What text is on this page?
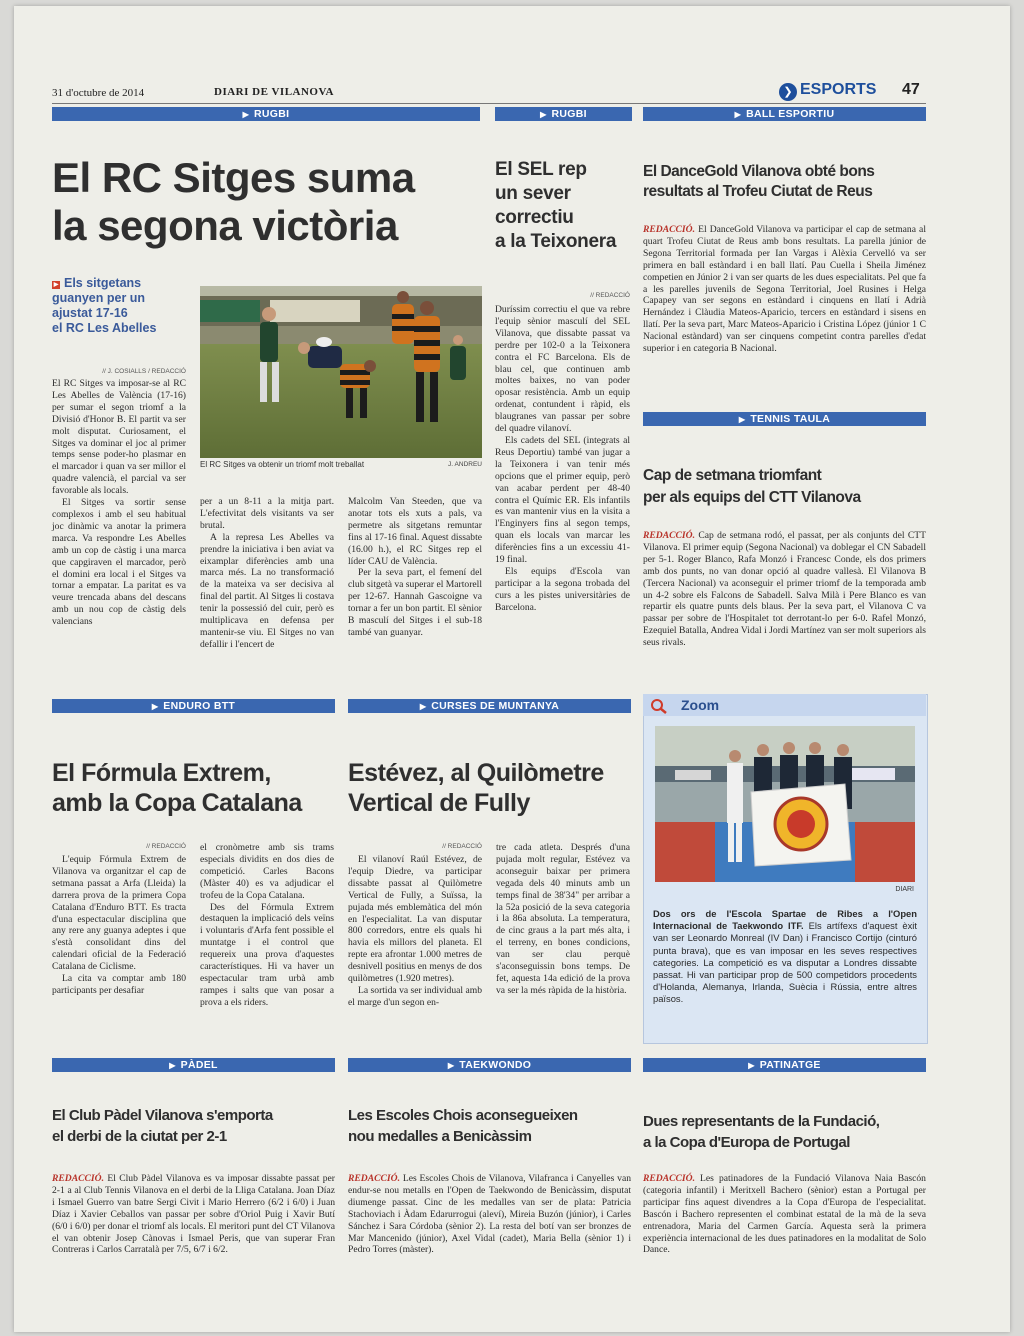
31 d'octubre de 2014	DIARI DE VILANOVA	❯ ESPORTS 47
▶ RUGBI	▶ RUGBI	▶ BALL ESPORTIU
El RC Sitges suma
la segona victòria
▶ Els sitgetans
guanyen per un
ajustat 17-16
el RC Les Abelles
El RC Sitges va obtenir un triomf molt treballat	J. ANDREU
// J. COSIALLS / REDACCIÓ

El RC Sitges va imposar-se al RC Les Abelles de València (17-16) per sumar el segon triomf a la Divisió d'Honor B. El partit va ser molt disputat. Curiosament, el Sitges va dominar el joc al primer temps sense poder-ho plasmar en el marcador i quan va ser millor el quadre valencià, el parcial va ser favorable als locals.

El Sitges va sortir sense complexos i amb el seu habitual joc dinàmic va anotar la primera marca. Va respondre Les Abelles amb un cop de càstig i una marca que capgiraven el marcador, però el domini era local i el Sitges va tornar a empatar. La paritat es va veure trencada abans del descans amb un nou cop de càstig dels valencians

per a un 8-11 a la mitja part. L'efectivitat dels visitants va ser brutal.

A la represa Les Abelles va prendre la iniciativa i ben aviat va eixamplar diferències amb una marca més. La no transformació de la mateixa va ser decisiva al final del partit. Al Sitges li costava tenir la possessió del cuir, però es multiplicava en defensa per mantenir-se viu. El Sitges no van defallir i l'encert de

Malcolm Van Steeden, que va anotar tots els xuts a pals, va permetre als sitgetans remuntar fins al 17-16 final. Aquest dissabte (16.00 h.), el RC Sitges rep el líder CAU de València.

Per la seva part, el femení del club sitgetà va superar el Martorell per 12-67. Hannah Gascoigne va tornar a fer un bon partit. El sènior B masculí del Sitges i el sub-18 també van guanyar.

El SEL rep
un sever
correctiu
a la Teixonera
// REDACCIÓ

Duríssim correctiu el que va rebre l'equip sènior masculí del SEL Vilanova, que dissabte passat va perdre per 102-0 a la Teixonera contra el FC Barcelona. Els de blau cel, que continuen amb moltes baixes, no van poder oposar resistència. Amb un equip ordenat, contundent i ràpid, els blaugranes van passar per sobre del quadre vilanoví.

Els cadets del SEL (integrats al Reus Deportiu) també van jugar a la Teixonera i van tenir més opcions que el primer equip, però van acabar perdent per 48-40 contra el Químic ER. Els infantils es van mantenir vius en la visita a l'Enginyers fins al segon temps, quan els locals van marcar les diferències fins a un excessiu 41-19 final.

Els equips d'Escola van participar a la segona trobada del curs a les pistes universitàries de Barcelona.

El DanceGold Vilanova obté bons
resultats al Trofeu Ciutat de Reus

REDACCIÓ. El DanceGold Vilanova va participar el cap de setmana al quart Trofeu Ciutat de Reus amb bons resultats. La parella júnior de Segona Territorial formada per Ian Vargas i Alèxia Cervelló va ser primera en ball estàndard i en ball llatí. Pau Cuella i Sheila Jiménez competien en Júnior 2 i van ser quarts de les dues especialitats. Pel que fa a les parelles juvenils de Segona Territorial, Joel Rusines i Helga Capapey van ser segons en estàndard i cinquens en llatí i Adrià Hernández i Clàudia Mateos-Aparicio, tercers en estàndard i sisens en llatí. Per la seva part, Marc Mateos-Aparicio i Cristina López (júnior 1 C Nacional estàndard) van ser cinquens competint contra parelles d'edat superior i en categoria B Nacional.

▶ TENNIS TAULA
Cap de setmana triomfant
per als equips del CTT Vilanova

REDACCIÓ. Cap de setmana rodó, el passat, per als conjunts del CTT Vilanova. El primer equip (Segona Nacional) va doblegar el CN Sabadell per 5-1. Roger Blanco, Rafa Monzó i Francesc Conde, els dos primers amb dos punts, no van donar opció al quadre vallesà. El Vilanova B (Tercera Nacional) va aconseguir el primer triomf de la temporada amb un 4-2 sobre els Falcons de Sabadell. Salva Milà i Pere Blanco es van repartir els quatre punts dels blaus. Per la seva part, el Vilanova C va passar per sobre de l'Hospitalet tot derrotant-lo per 6-0. Rafel Monzó, Ezequiel Batalla, Andrea Vidal i Jordi Martínez van ser molt superiors als seus rivals.

▶ ENDURO BTT	▶ CURSES DE MUNTANYA
El Fórmula Extrem,
amb la Copa Catalana
// REDACCIÓ

L'equip Fórmula Extrem de Vilanova va organitzar el cap de setmana passat a Arfa (Lleida) la darrera prova de la primera Copa Catalana d'Enduro BTT. Es tracta d'una espectacular disciplina que any rere any guanya adeptes i que s'està consolidant dins del calendari oficial de la Federació Catalana de Ciclisme.

La cita va comptar amb 180 participants per desafiar

el cronòmetre amb sis trams especials dividits en dos dies de competició. Carles Bacons (Màster 40) es va adjudicar el trofeu de la Copa Catalana.

Des del Fórmula Extrem destaquen la implicació dels veïns i voluntaris d'Arfa fent possible el muntatge i el control que requereix una prova d'aquestes característiques. Hi va haver un espectacular tram urbà amb rampes i salts que van posar a prova a els riders.

Estévez, al Quilòmetre
Vertical de Fully
// REDACCIÓ

El vilanoví Raúl Estévez, de l'equip Diedre, va participar dissabte passat al Quilòmetre Vertical de Fully, a Suïssa, la pujada més emblemàtica del món en l'especialitat. La van disputar 800 corredors, entre els quals hi havia els millors del planeta. El repte era afrontar 1.000 metres de desnivell positius en menys de dos quilòmetres (1.920 metres).

La sortida va ser individual amb el marge d'un segon en-

tre cada atleta. Després d'una pujada molt regular, Estévez va aconseguir baixar per primera vegada dels 40 minuts amb un temps final de 38'34" per arribar a la 52a posició de la seva categoria i la 86a absoluta. La temperatura, de cinc graus a la part més alta, i el terreny, en bones condicions, van ser clau perquè s'aconseguissin bons temps. De fet, aquesta 14a edició de la prova va ser la més ràpida de la història.

Zoom
DIARI

Dos ors de l'Escola Spartae de Ribes a l'Open Internacional de Taekwondo ITF. Els artífexs d'aquest èxit van ser Leonardo Monreal (IV Dan) i Francisco Cortijo (cinturó punta brava), que es van imposar en les seves respectives categories. La competició es va disputar a Londres dissabte passat. Hi van participar prop de 500 competidors procedents d'Holanda, Alemanya, Irlanda, Suècia i Rússia, entre altres països.

▶ PÀDEL	▶ TAEKWONDO	▶ PATINATGE
El Club Pàdel Vilanova s'emporta
el derbi de la ciutat per 2-1

REDACCIÓ. El Club Pàdel Vilanova es va imposar dissabte passat per 2-1 a al Club Tennis Vilanova en el derbi de la Lliga Catalana. Joan Díaz i Ismael Guerro van batre Sergi Civit i Mario Herrero (6/2 i 6/0) i Juan Díaz i Xavier Ceballos van passar per sobre d'Oriol Puig i Xavir Butí (6/0 i 6/0) per donar el triomf als locals. El meritori punt del CT Vilanova el van obtenir Josep Cànovas i Ismael Peris, que van superar Fran Contreras i Carlos Carratalà per 7/5, 6/7 i 6/2.

Les Escoles Chois aconsegueixen
nou medalles a Benicàssim

REDACCIÓ. Les Escoles Chois de Vilanova, Vilafranca i Canyelles van endur-se nou metalls en l'Open de Taekwondo de Benicàssim, disputat diumenge passat. Cinc de les medalles van ser de plata: Patricia Stachoviach i Àdam Edarurrogui (aleví), Mireia Buzón (júnior), i Carles Sánchez i Sara Córdoba (sènior 2). La resta del botí van ser bronzes de Mar Mancenido (júnior), Axel Vidal (cadet), Maria Bella (sènior 1) i Pedro Torres (màster).

Dues representants de la Fundació,
a la Copa d'Europa de Portugal

REDACCIÓ. Les patinadores de la Fundació Vilanova Naia Bascón (categoria infantil) i Meritxell Bachero (sènior) estan a Portugal per participar fins aquest divendres a la Copa d'Europa de l'especialitat. Bascón i Bachero representen el combinat estatal de la mà de la seva entrenadora, Maria del Carmen García. Aquesta serà la primera experiència internacional de les dues patinadores en la modalitat de Solo Dance.
